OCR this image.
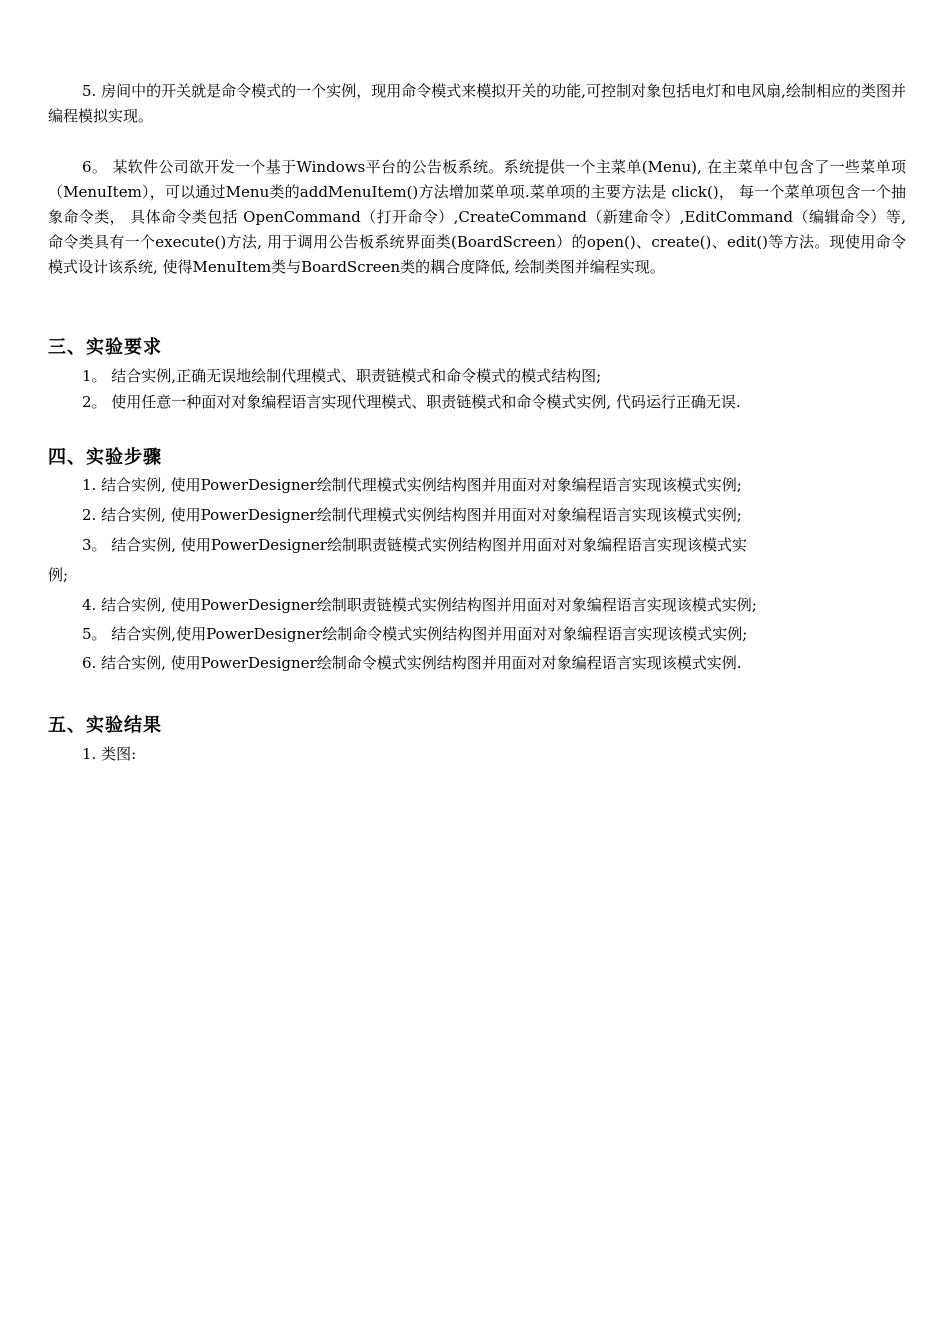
5. 房间中的开关就是命令模式的一个实例，现用命令模式来模拟开关的功能,可控制对象包括电灯和电风扇,绘制相应的类图并编程模拟实现。

6。 某软件公司欲开发一个基于Windows平台的公告板系统。系统提供一个主菜单(Menu), 在主菜单中包含了一些菜单项（MenuItem），可以通过Menu类的addMenuItem()方法增加菜单项.菜单项的主要方法是 click()， 每一个菜单项包含一个抽象命令类， 具体命令类包括 OpenCommand（打开命令）,CreateCommand（新建命令）,EditCommand（编辑命令）等,命令类具有一个execute()方法, 用于调用公告板系统界面类(BoardScreen）的open()、create()、edit()等方法。现使用命令模式设计该系统, 使得MenuItem类与BoardScreen类的耦合度降低, 绘制类图并编程实现。

三、实验要求

1。 结合实例,正确无误地绘制代理模式、职责链模式和命令模式的模式结构图;

2。 使用任意一种面对对象编程语言实现代理模式、职责链模式和命令模式实例, 代码运行正确无误.

四、实验步骤

1. 结合实例, 使用PowerDesigner绘制代理模式实例结构图并用面对对象编程语言实现该模式实例;

2. 结合实例, 使用PowerDesigner绘制代理模式实例结构图并用面对对象编程语言实现该模式实例;

3。 结合实例, 使用PowerDesigner绘制职责链模式实例结构图并用面对对象编程语言实现该模式实

例;

4. 结合实例, 使用PowerDesigner绘制职责链模式实例结构图并用面对对象编程语言实现该模式实例;

5。 结合实例,使用PowerDesigner绘制命令模式实例结构图并用面对对象编程语言实现该模式实例;

6. 结合实例, 使用PowerDesigner绘制命令模式实例结构图并用面对对象编程语言实现该模式实例.

五、实验结果

1. 类图:
